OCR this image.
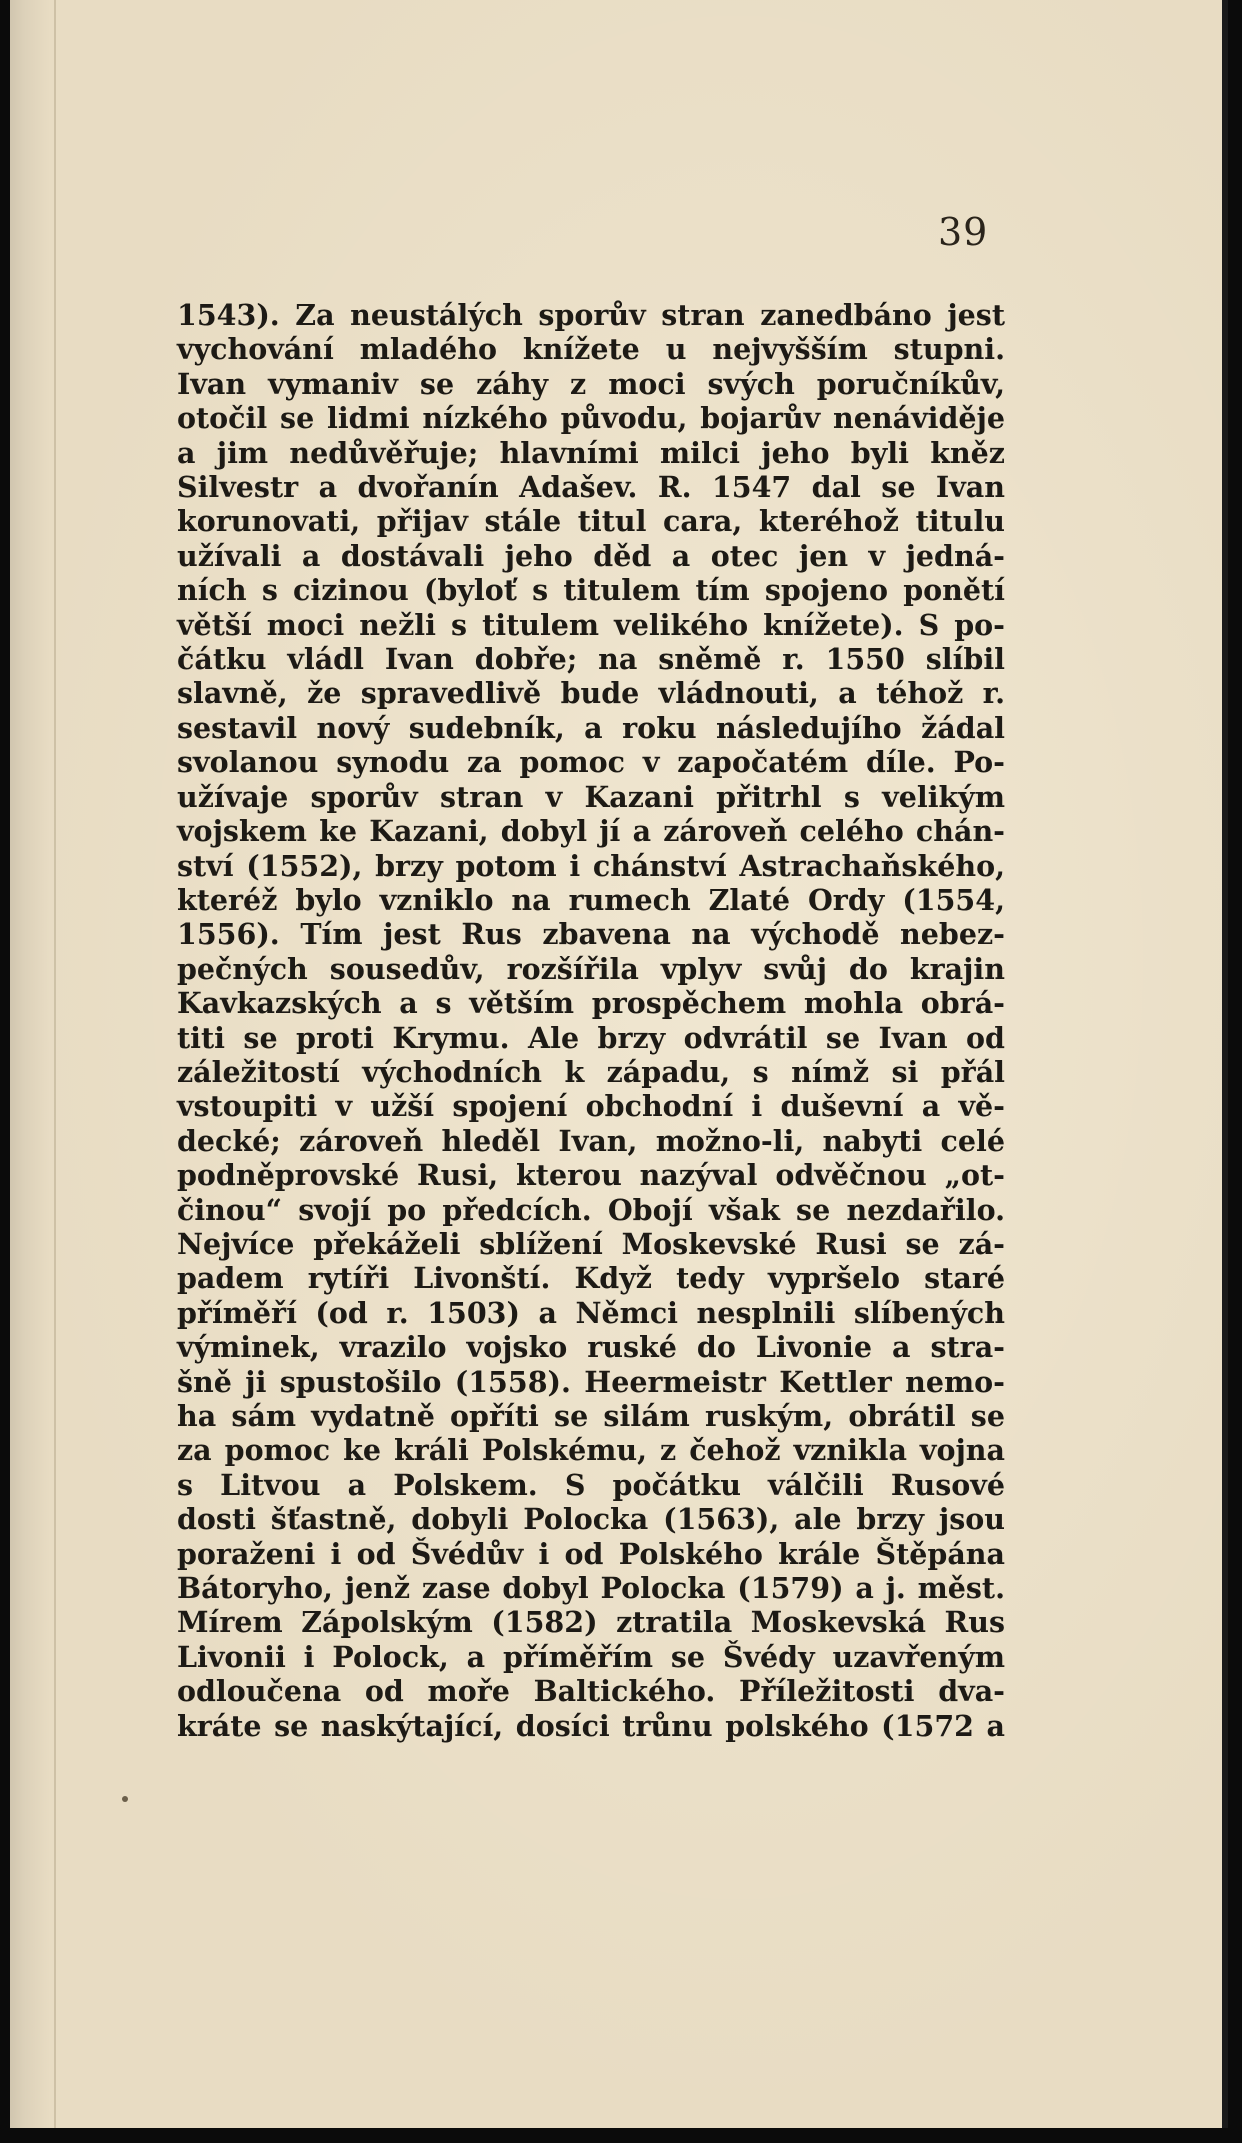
39
1543). Za neustálých sporův stran zanedbáno jest
vychování mladého knížete u nejvyšším stupni.
Ivan vymaniv se záhy z moci svých poručníkův,
otočil se lidmi nízkého původu, bojarův nenáviděje
a jim nedůvěřuje; hlavními milci jeho byli kněz
Silvestr a dvořanín Adašev. R. 1547 dal se Ivan
korunovati, přijav stále titul cara, kteréhož titulu
užívali a dostávali jeho děd a otec jen v jedná-
ních s cizinou (byloť s titulem tím spojeno ponětí
větší moci nežli s titulem velikého knížete). S po-
čátku vládl Ivan dobře; na sněmě r. 1550 slíbil
slavně, že spravedlivě bude vládnouti, a téhož r.
sestavil nový sudebník, a roku následujího žádal
svolanou synodu za pomoc v započatém díle. Po-
užívaje sporův stran v Kazani přitrhl s velikým
vojskem ke Kazani, dobyl jí a zároveň celého chán-
ství (1552), brzy potom i chánství Astrachaňského,
kteréž bylo vzniklo na rumech Zlaté Ordy (1554,
1556). Tím jest Rus zbavena na východě nebez-
pečných sousedův, rozšířila vplyv svůj do krajin
Kavkazských a s větším prospěchem mohla obrá-
titi se proti Krymu. Ale brzy odvrátil se Ivan od
záležitostí východních k západu, s nímž si přál
vstoupiti v užší spojení obchodní i duševní a vě-
decké; zároveň hleděl Ivan, možno-li, nabyti celé
podněprovské Rusi, kterou nazýval odvěčnou „ot-
činou“ svojí po předcích. Obojí však se nezdařilo.
Nejvíce překáželi sblížení Moskevské Rusi se zá-
padem rytíři Livonští. Když tedy vypršelo staré
příměří (od r. 1503) a Němci nesplnili slíbených
výminek, vrazilo vojsko ruské do Livonie a stra-
šně ji spustošilo (1558). Heermeistr Kettler nemo-
ha sám vydatně opříti se silám ruským, obrátil se
za pomoc ke králi Polskému, z čehož vznikla vojna
s Litvou a Polskem. S počátku válčili Rusové
dosti šťastně, dobyli Polocka (1563), ale brzy jsou
poraženi i od Švédův i od Polského krále Štěpána
Bátoryho, jenž zase dobyl Polocka (1579) a j. měst.
Mírem Zápolským (1582) ztratila Moskevská Rus
Livonii i Polock, a příměřím se Švédy uzavřeným
odloučena od moře Baltického. Příležitosti dva-
kráte se naskýtající, dosíci trůnu polského (1572 a
